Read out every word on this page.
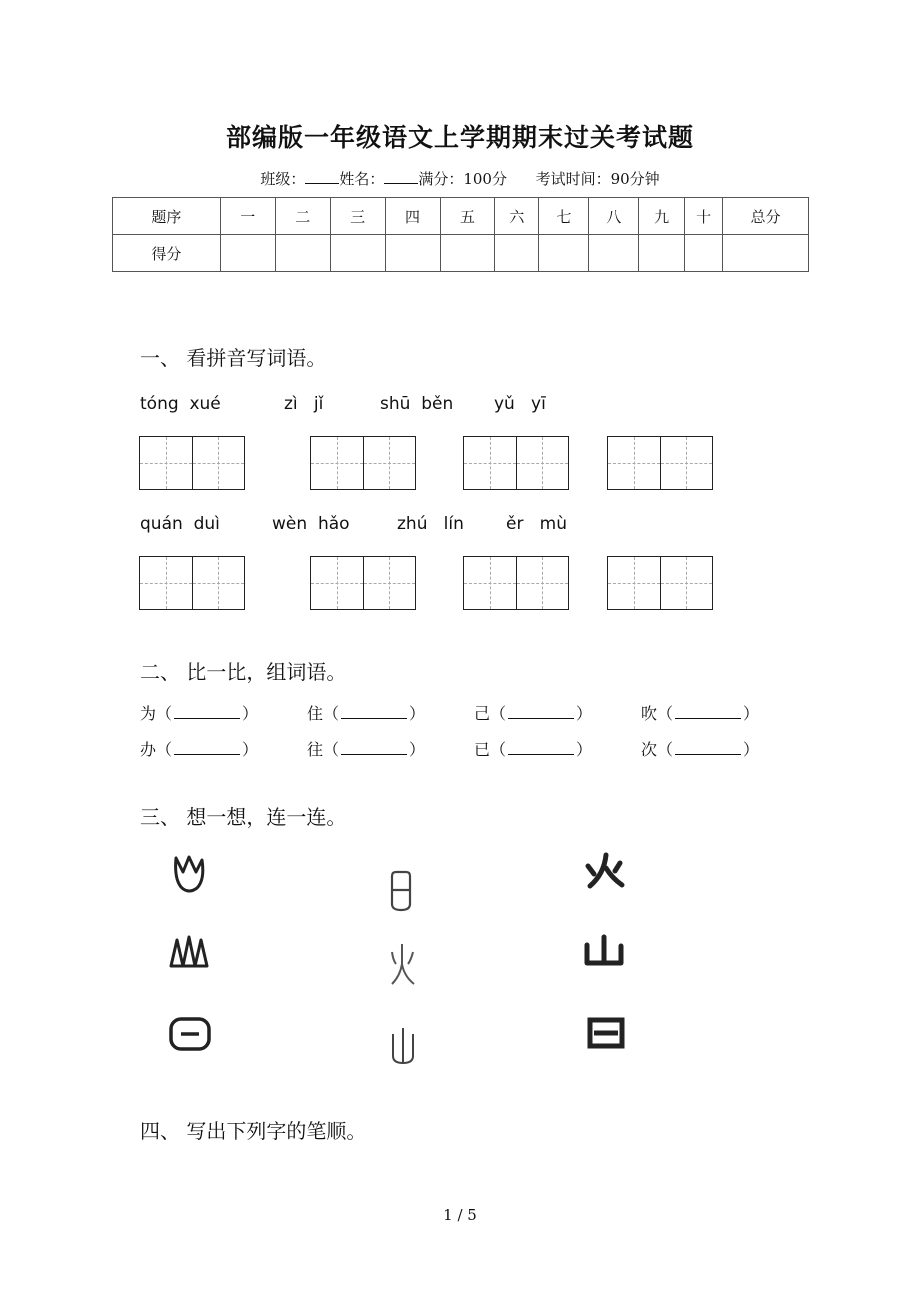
部编版一年级语文上学期期末过关考试题
班级： 姓名： 满分：100分 考试时间：90分钟
题序	一	二	三	四	五	六	七	八	九	十	总分
得分											
一、 看拼音写词语。
tóng  xué	zì   jǐ	shū  běn yǔ   yī
quán  duì	wèn  hǎo	zhú   lín ěr   mù
二、 比一比，组词语。
为（	）	住（	）	己（	）	吹（	）
办（	）	往（	）	已（	）	次（	）
三、 想一想，连一连。
四、 写出下列字的笔顺。
1 / 5
